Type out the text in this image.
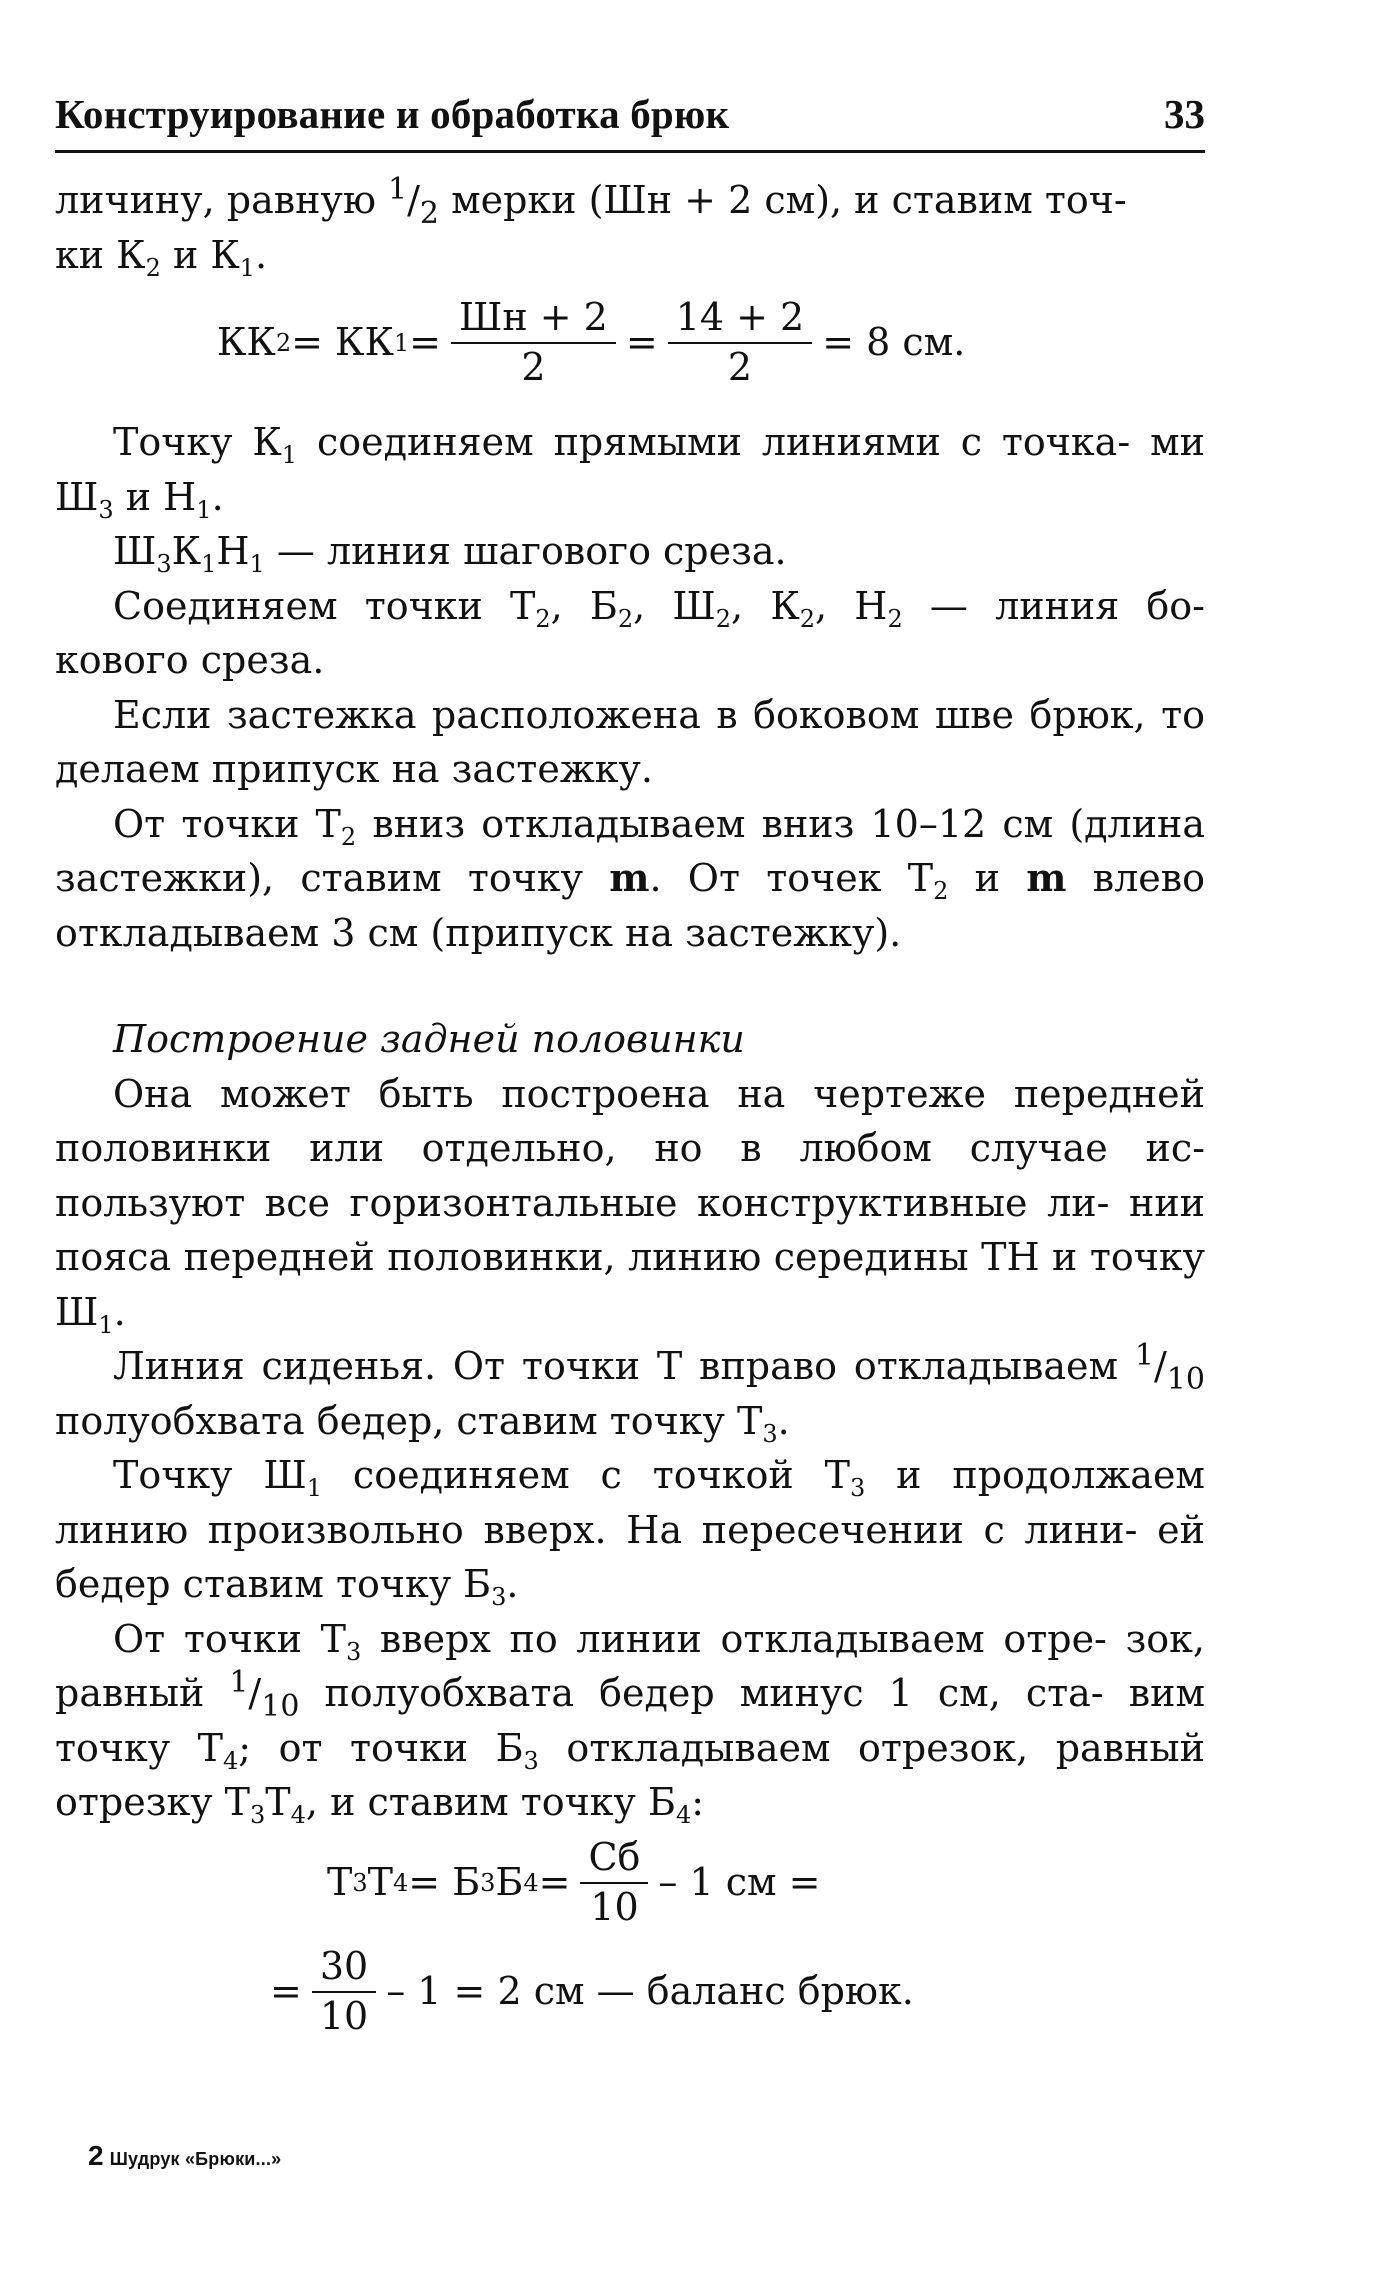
Конструирование и обработка брюк	33

личину, равную $^1/_2$ мерки (Шн + 2 см), и ставим точ-
ки $К_2$ и $К_1$.

КК 2 = КК $1 = \frac{Шн + 2}{2} = \frac{14 + 2}{2} = 8$ см.

Точку $К_1$ соединяем прямыми линиями с точка- ми $Ш_3$ и $Н_1$.

$Ш_3К_1Н_1$ — линия шагового среза.

Соединяем точки $Т_2$, $Б_2$, $Ш_2$, $К_2$, $Н_2$ — линия бо- кового среза.

Если застежка расположена в боковом шве брюк, то делаем припуск на застежку.

От точки $Т_2$ вниз откладываем вниз 10–12 см (длина застежки), ставим точку m. От точек $Т_2$ и m влево откладываем 3 см (припуск на застежку).

Построение задней половинки

Она может быть построена на чертеже передней половинки или отдельно, но в любом случае ис- пользуют все горизонтальные конструктивные ли- нии пояса передней половинки, линию середины ТН и точку $Ш_1$.

Линия сиденья. От точки Т вправо откладываем $^1/_{10}$ полуобхвата бедер, ставим точку $Т_3$.

Точку $Ш_1$ соединяем с точкой $Т_3$ и продолжаем линию произвольно вверх. На пересечении с лини- ей бедер ставим точку $Б_3$.

От точки $Т_3$ вверх по линии откладываем отре- зок, равный $^1/_{10}$ полуобхвата бедер минус 1 см, ста- вим точку $Т_4$; от точки $Б_3$ откладываем отрезок, равный отрезку $Т_3Т_4$, и ставим точку $Б_4$:

Т 3 Т 4 = Б 3 Б $4 = \frac{Сб}{10} - 1$ см =
= $\frac{30}{10} - 1 = 2$ см — баланс брюк.
2 Шудрук «Брюки...»
